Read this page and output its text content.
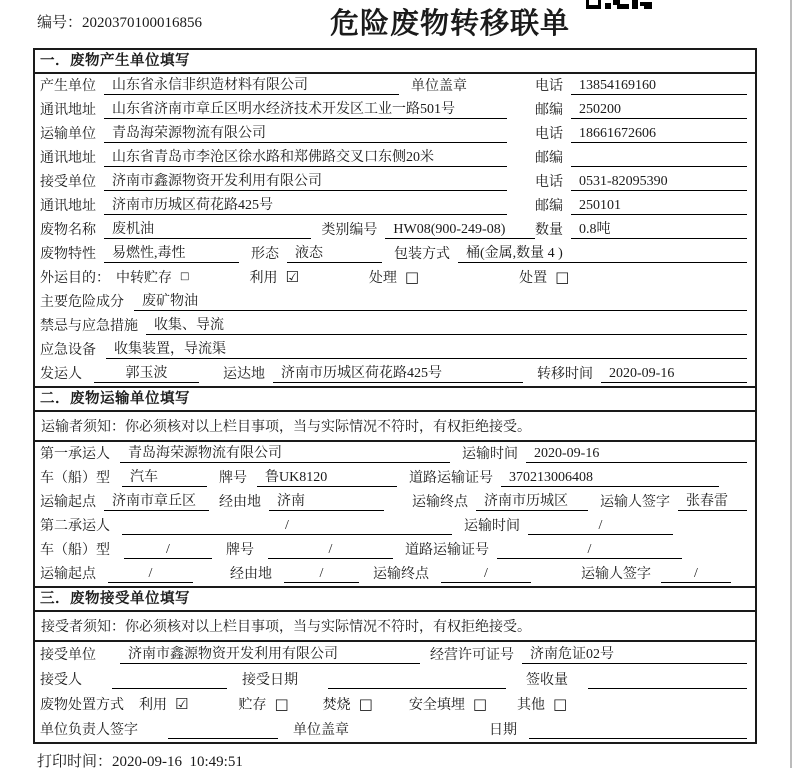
编号：2020370100016856	危险废物转移联单
一．废物产生单位填写
产生单位	山东省永信非织造材料有限公司	单位盖章	电话	13854169160
通讯地址	山东省济南市章丘区明水经济技术开发区工业一路501号	邮编	250200
运输单位	青岛海荣源物流有限公司	电话	18661672606
通讯地址	山东省青岛市李沧区徐水路和郑佛路交叉口东侧20米	邮编
接受单位	济南市鑫源物资开发利用有限公司	电话	0531-82095390
通讯地址	济南市历城区荷花路425号	邮编	250101
废物名称	废机油	类别编号	HW08(900-249-08)	数量	0.8吨
废物特性	易燃性,毒性	形态	液态	包装方式	桶(金属,数量 4 )
外运目的： 中转贮存 □	利用 ☑	处理 □	处置 □
主要危险成分	废矿物油
禁忌与应急措施	收集、导流
应急设备	收集装置，导流渠
发运人	郭玉波	运达地	济南市历城区荷花路425号	转移时间	2020-09-16
二．废物运输单位填写
运输者须知：你必须核对以上栏目事项，当与实际情况不符时，有权拒绝接受。
第一承运人	青岛海荣源物流有限公司	运输时间	2020-09-16
车（船）型	汽车	牌号	鲁UK8120	道路运输证号	370213006408
运输起点	济南市章丘区	经由地	济南	运输终点	济南市历城区	运输人签字	张春雷
第二承运人	/	运输时间	/
车（船）型	/	牌号	/	道路运输证号	/
运输起点	/	经由地	/	运输终点	/	运输人签字	/
三．废物接受单位填写
接受者须知：你必须核对以上栏目事项，当与实际情况不符时，有权拒绝接受。
接受单位	济南市鑫源物资开发利用有限公司	经营许可证号	济南危证02号
接受人	接受日期	签收量
废物处置方式 利用 ☑	贮存 □ 焚烧 □	安全填埋 □ 其他 □
单位负责人签字	单位盖章	日期
打印时间：2020-09-16  10:49:51
